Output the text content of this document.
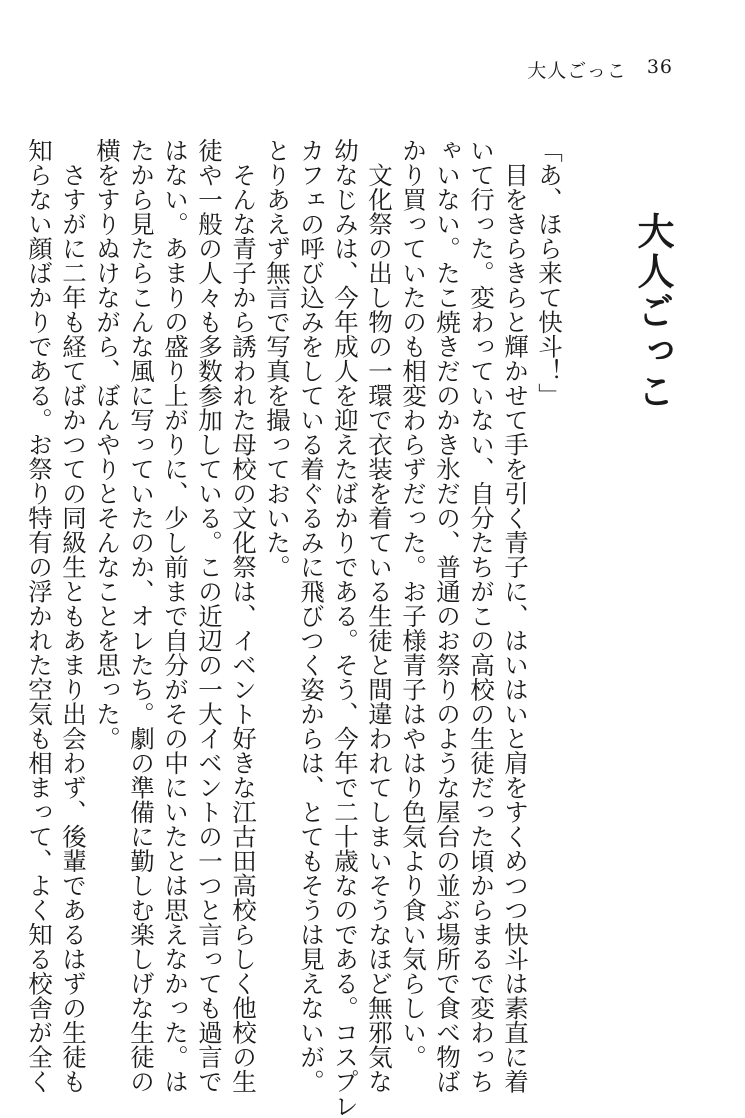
大人ごっこ 36
大人ごっこ
「あ、ほら来て快斗！」
　目をきらきらと輝かせて手を引く青子に、はいはいと肩をすくめつつ快斗は素直に着
いて行った。変わっていない、自分たちがこの高校の生徒だった頃からまるで変わっち
ゃいない。たこ焼きだのかき氷だの、普通のお祭りのような屋台の並ぶ場所で食べ物ば
かり買っていたのも相変わらずだった。お子様青子はやはり色気より食い気らしい。
　文化祭の出し物の一環で衣装を着ている生徒と間違われてしまいそうなほど無邪気な
幼なじみは、今年成人を迎えたばかりである。そう、今年で二十歳なのである。コスプレ
カフェの呼び込みをしている着ぐるみに飛びつく姿からは、とてもそうは見えないが。
とりあえず無言で写真を撮っておいた。
　そんな青子から誘われた母校の文化祭は、イベント好きな江古田高校らしく他校の生
徒や一般の人々も多数参加している。この近辺の一大イベントの一つと言っても過言で
はない。あまりの盛り上がりに、少し前まで自分がその中にいたとは思えなかった。は
たから見たらこんな風に写っていたのか、オレたち。劇の準備に勤しむ楽しげな生徒の
横をすりぬけながら、ぼんやりとそんなことを思った。
　さすがに二年も経てばかつての同級生ともあまり出会わず、後輩であるはずの生徒も
知らない顔ばかりである。お祭り特有の浮かれた空気も相まって、よく知る校舎が全く
